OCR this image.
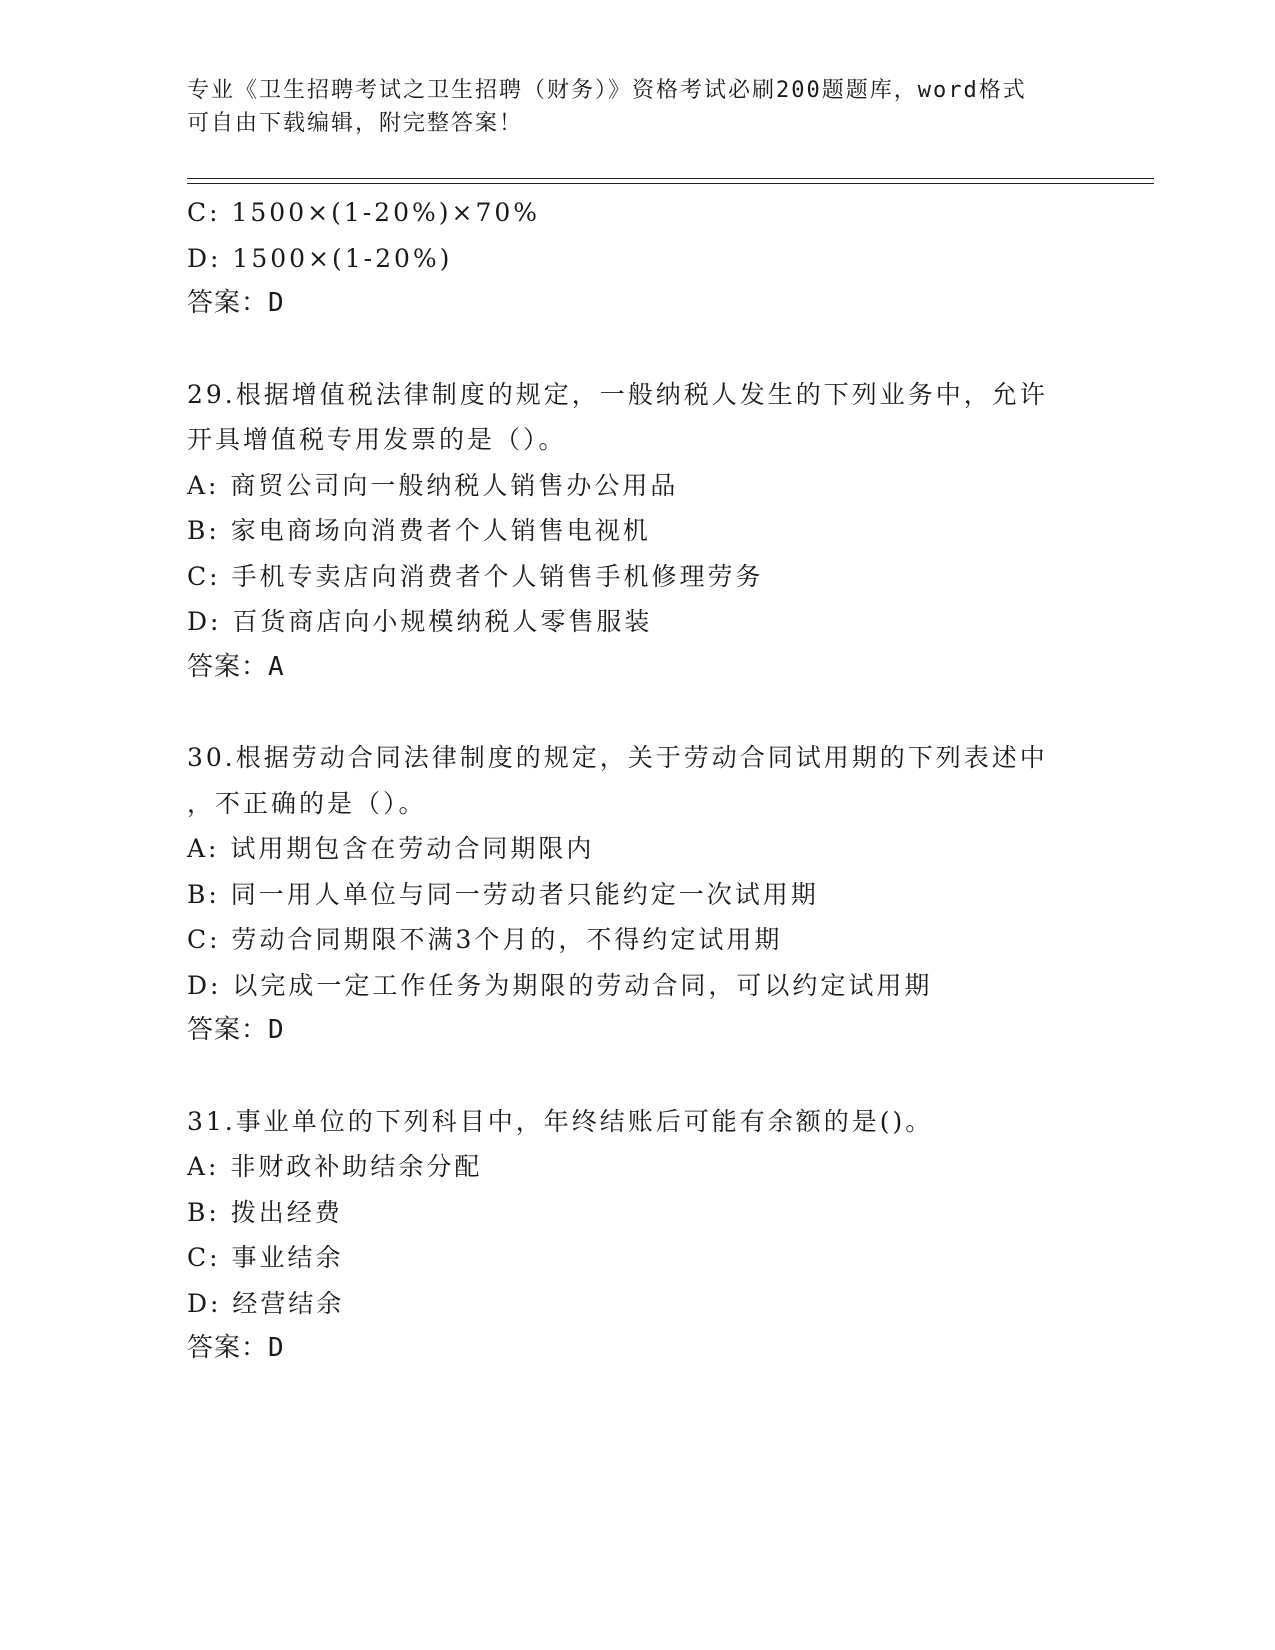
专业《卫生招聘考试之卫生招聘（财务）》资格考试必刷200题题库，word格式
可自由下载编辑，附完整答案！
C: 1500×(1-20%)×70%
D: 1500×(1-20%)
答案：D
29.根据增值税法律制度的规定，一般纳税人发生的下列业务中，允许
开具增值税专用发票的是（）。
A: 商贸公司向一般纳税人销售办公用品
B: 家电商场向消费者个人销售电视机
C: 手机专卖店向消费者个人销售手机修理劳务
D: 百货商店向小规模纳税人零售服装
答案：A
30.根据劳动合同法律制度的规定，关于劳动合同试用期的下列表述中
，不正确的是（）。
A: 试用期包含在劳动合同期限内
B: 同一用人单位与同一劳动者只能约定一次试用期
C: 劳动合同期限不满3个月的，不得约定试用期
D: 以完成一定工作任务为期限的劳动合同，可以约定试用期
答案：D
31.事业单位的下列科目中，年终结账后可能有余额的是()。
A: 非财政补助结余分配
B: 拨出经费
C: 事业结余
D: 经营结余
答案：D
